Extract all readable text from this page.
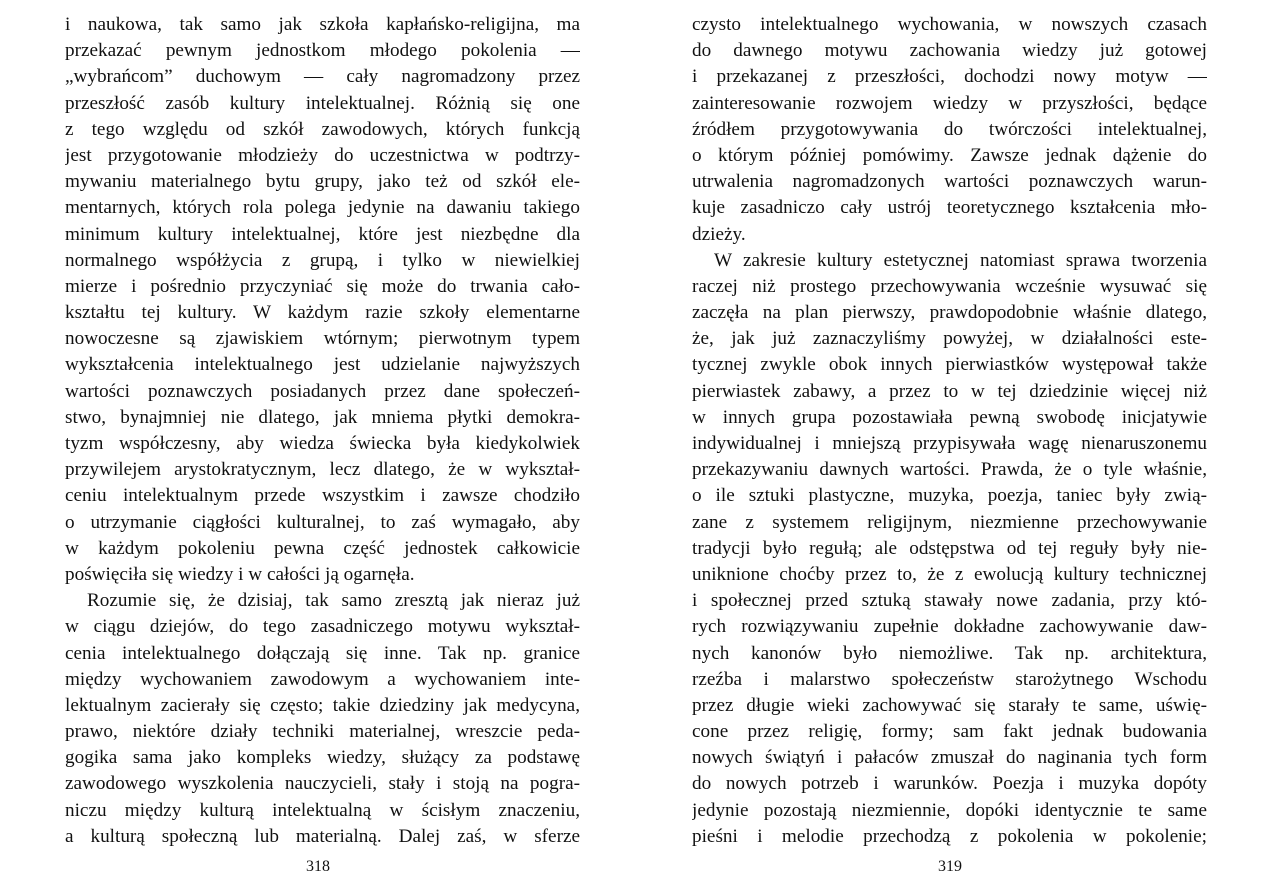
i naukowa, tak samo jak szkoła kapłańsko-religijna, ma
przekazać pewnym jednostkom młodego pokolenia —
„wybrańcom” duchowym — cały nagromadzony przez
przeszłość zasób kultury intelektualnej. Różnią się one
z tego względu od szkół zawodowych, których funkcją
jest przygotowanie młodzieży do uczestnictwa w podtrzy-
mywaniu materialnego bytu grupy, jako też od szkół ele-
mentarnych, których rola polega jedynie na dawaniu takiego
minimum kultury intelektualnej, które jest niezbędne dla
normalnego współżycia z grupą, i tylko w niewielkiej
mierze i pośrednio przyczyniać się może do trwania cało-
kształtu tej kultury. W każdym razie szkoły elementarne
nowoczesne są zjawiskiem wtórnym; pierwotnym typem
wykształcenia intelektualnego jest udzielanie najwyższych
wartości poznawczych posiadanych przez dane społeczeń-
stwo, bynajmniej nie dlatego, jak mniema płytki demokra-
tyzm współczesny, aby wiedza świecka była kiedykolwiek
przywilejem arystokratycznym, lecz dlatego, że w wykształ-
ceniu intelektualnym przede wszystkim i zawsze chodziło
o utrzymanie ciągłości kulturalnej, to zaś wymagało, aby
w każdym pokoleniu pewna część jednostek całkowicie
poświęciła się wiedzy i w całości ją ogarnęła.
Rozumie się, że dzisiaj, tak samo zresztą jak nieraz już
w ciągu dziejów, do tego zasadniczego motywu wykształ-
cenia intelektualnego dołączają się inne. Tak np. granice
między wychowaniem zawodowym a wychowaniem inte-
lektualnym zacierały się często; takie dziedziny jak medycyna,
prawo, niektóre działy techniki materialnej, wreszcie peda-
gogika sama jako kompleks wiedzy, służący za podstawę
zawodowego wyszkolenia nauczycieli, stały i stoją na pogra-
niczu między kulturą intelektualną w ścisłym znaczeniu,
a kulturą społeczną lub materialną. Dalej zaś, w sferze
czysto intelektualnego wychowania, w nowszych czasach
do dawnego motywu zachowania wiedzy już gotowej
i przekazanej z przeszłości, dochodzi nowy motyw —
zainteresowanie rozwojem wiedzy w przyszłości, będące
źródłem przygotowywania do twórczości intelektualnej,
o którym później pomówimy. Zawsze jednak dążenie do
utrwalenia nagromadzonych wartości poznawczych warun-
kuje zasadniczo cały ustrój teoretycznego kształcenia mło-
dzieży.
W zakresie kultury estetycznej natomiast sprawa tworzenia
raczej niż prostego przechowywania wcześnie wysuwać się
zaczęła na plan pierwszy, prawdopodobnie właśnie dlatego,
że, jak już zaznaczyliśmy powyżej, w działalności este-
tycznej zwykle obok innych pierwiastków występował także
pierwiastek zabawy, a przez to w tej dziedzinie więcej niż
w innych grupa pozostawiała pewną swobodę inicjatywie
indywidualnej i mniejszą przypisywała wagę nienaruszonemu
przekazywaniu dawnych wartości. Prawda, że o tyle właśnie,
o ile sztuki plastyczne, muzyka, poezja, taniec były zwią-
zane z systemem religijnym, niezmienne przechowywanie
tradycji było regułą; ale odstępstwa od tej reguły były nie-
uniknione choćby przez to, że z ewolucją kultury technicznej
i społecznej przed sztuką stawały nowe zadania, przy któ-
rych rozwiązywaniu zupełnie dokładne zachowywanie daw-
nych kanonów było niemożliwe. Tak np. architektura,
rzeźba i malarstwo społeczeństw starożytnego Wschodu
przez długie wieki zachowywać się starały te same, uświę-
cone przez religię, formy; sam fakt jednak budowania
nowych świątyń i pałaców zmuszał do naginania tych form
do nowych potrzeb i warunków. Poezja i muzyka dopóty
jedynie pozostają niezmiennie, dopóki identycznie te same
pieśni i melodie przechodzą z pokolenia w pokolenie;
318	319
